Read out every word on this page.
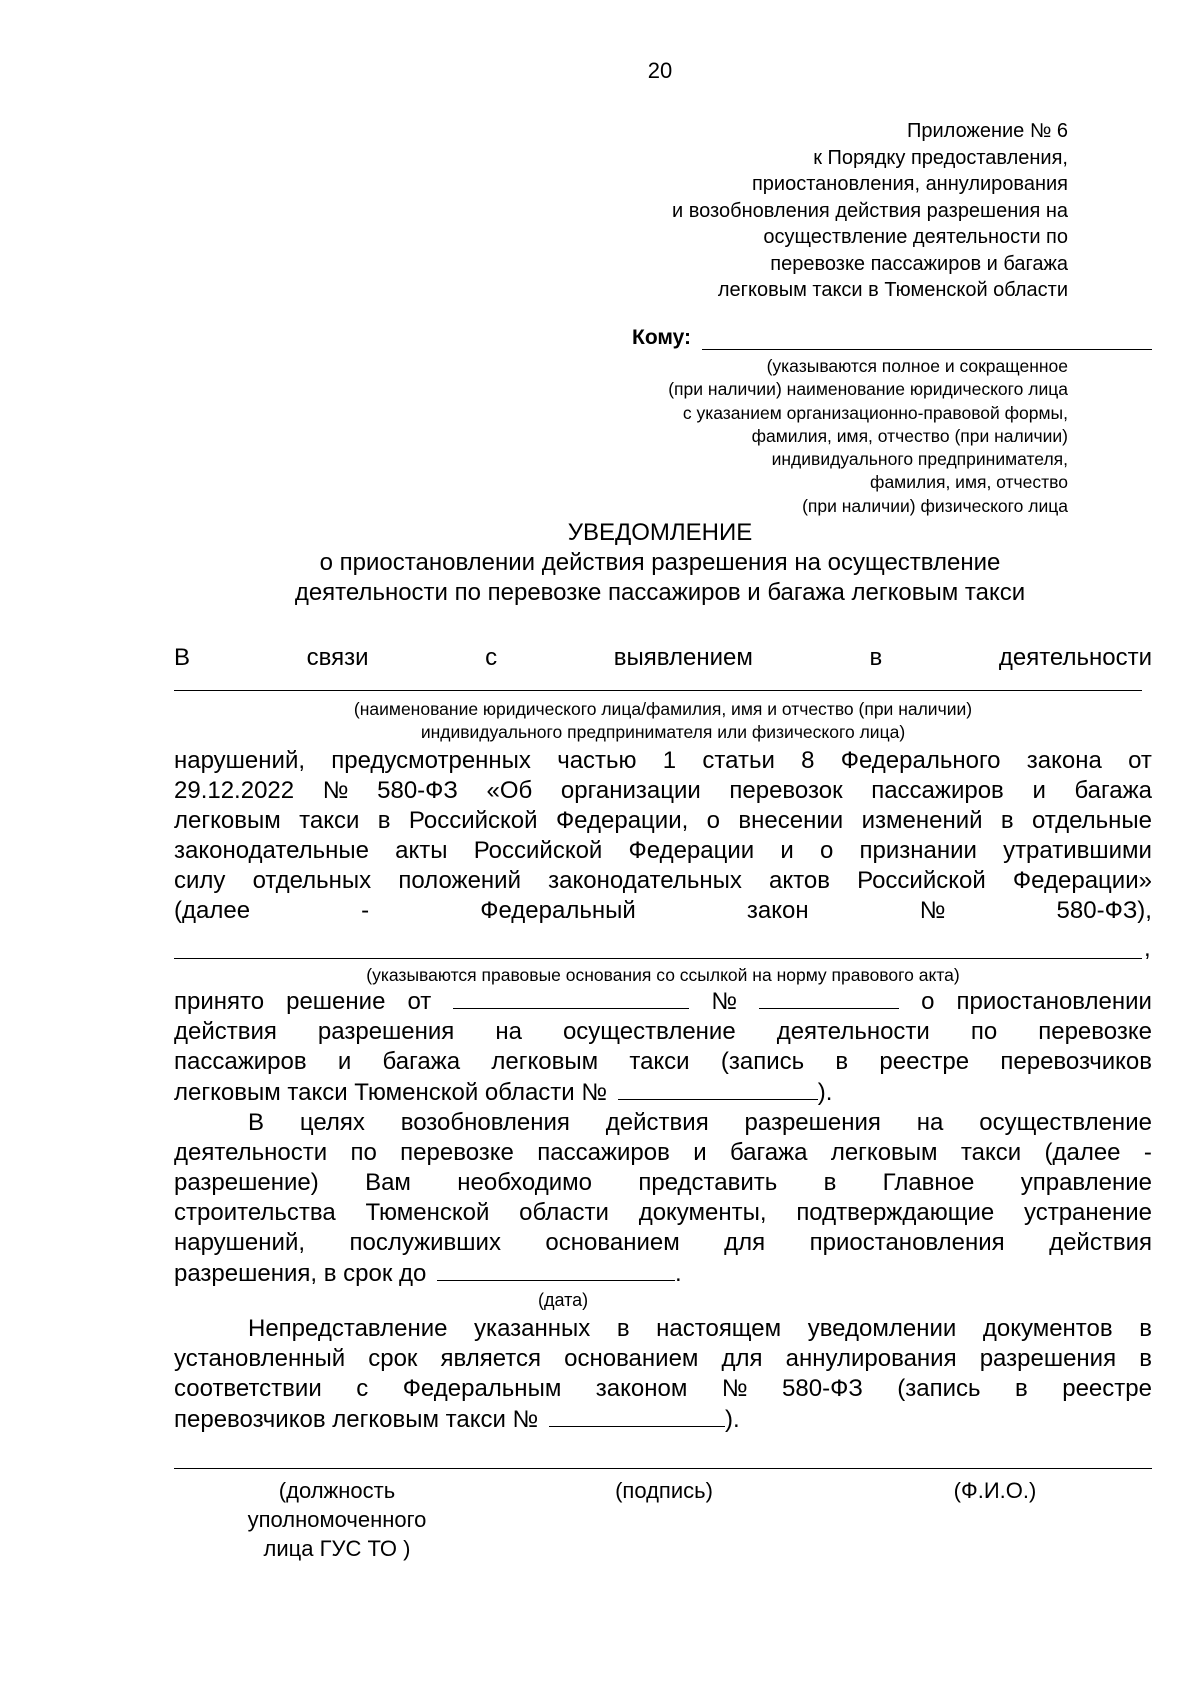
20
Приложение № 6
к Порядку предоставления,
приостановления, аннулирования
и возобновления действия разрешения на
осуществление деятельности по
перевозке пассажиров и багажа
легковым такси в Тюменской области
Кому:
(указываются полное и сокращенное
(при наличии) наименование юридического лица
с указанием организационно-правовой формы,
фамилия, имя, отчество (при наличии)
индивидуального предпринимателя,
фамилия, имя, отчество
(при наличии) физического лица
УВЕДОМЛЕНИЕ
о приостановлении действия разрешения на осуществление
деятельности по перевозке пассажиров и багажа легковым такси
В	связи	с	выявлением	в	деятельности
(наименование юридического лица/фамилия, имя и отчество (при наличии)
индивидуального предпринимателя или физического лица)
нарушений, предусмотренных частью 1 статьи 8 Федерального закона от
29.12.2022 № 580-ФЗ «Об организации перевозок пассажиров и багажа
легковым такси в Российской Федерации, о внесении изменений в отдельные
законодательные акты Российской Федерации и о признании утратившими
силу отдельных положений законодательных актов Российской Федерации»
(далее	-	Федеральный	закон	№	580-ФЗ),
,
(указываются правовые основания со ссылкой на норму правового акта)
принято решение от	№	о приостановлении
действия разрешения на осуществление деятельности по перевозке
пассажиров и багажа легковым такси (запись в реестре перевозчиков
легковым такси Тюменской области №	).
В целях возобновления действия разрешения на осуществление
деятельности по перевозке пассажиров и багажа легковым такси (далее -
разрешение) Вам необходимо представить в Главное управление
строительства Тюменской области документы, подтверждающие устранение
нарушений, послуживших основанием для приостановления действия
разрешения, в срок до	.
(дата)
Непредставление указанных в настоящем уведомлении документов в
установленный срок является основанием для аннулирования разрешения в
соответствии с Федеральным законом № 580-ФЗ (запись в реестре
перевозчиков легковым такси №	).
(должность
уполномоченного
лица ГУС ТО )
(подпись)	(Ф.И.О.)
